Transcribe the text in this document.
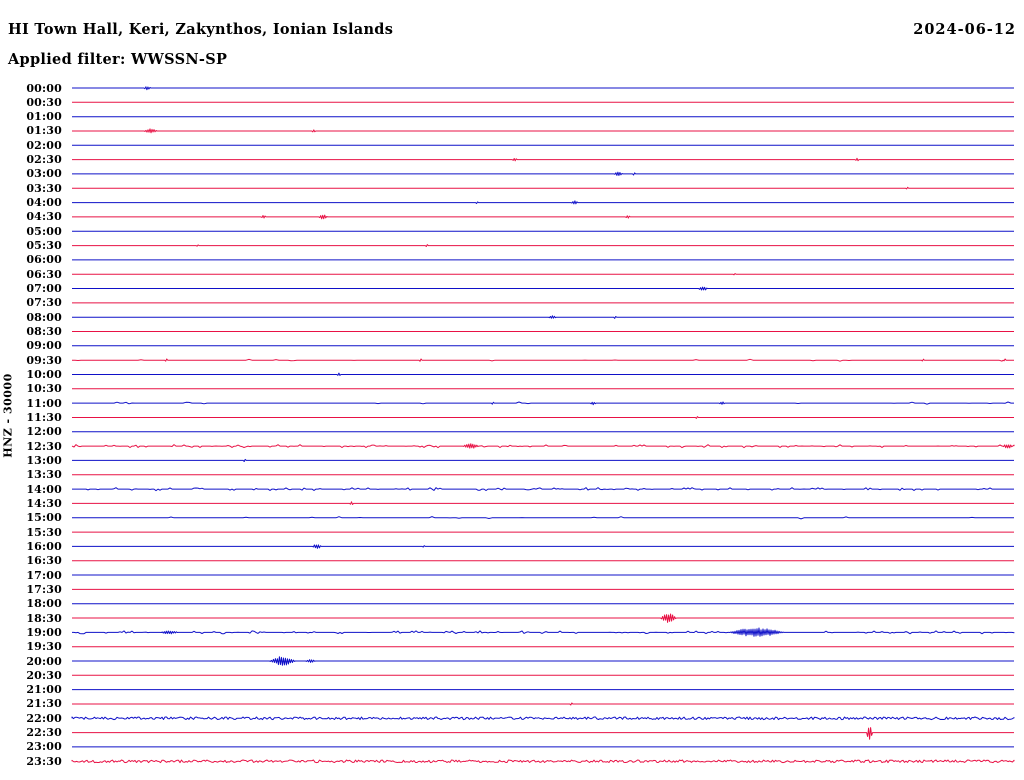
HI Town Hall, Keri, Zakynthos, Ionian Islands	2024-06-12
Applied filter: WWSSN-SP
HNZ - 30000
00:00
00:30
01:00
01:30
02:00
02:30
03:00
03:30
04:00
04:30
05:00
05:30
06:00
06:30
07:00
07:30
08:00
08:30
09:00
09:30
10:00
10:30
11:00
11:30
12:00
12:30
13:00
13:30
14:00
14:30
15:00
15:30
16:00
16:30
17:00
17:30
18:00
18:30
19:00
19:30
20:00
20:30
21:00
21:30
22:00
22:30
23:00
23:30
